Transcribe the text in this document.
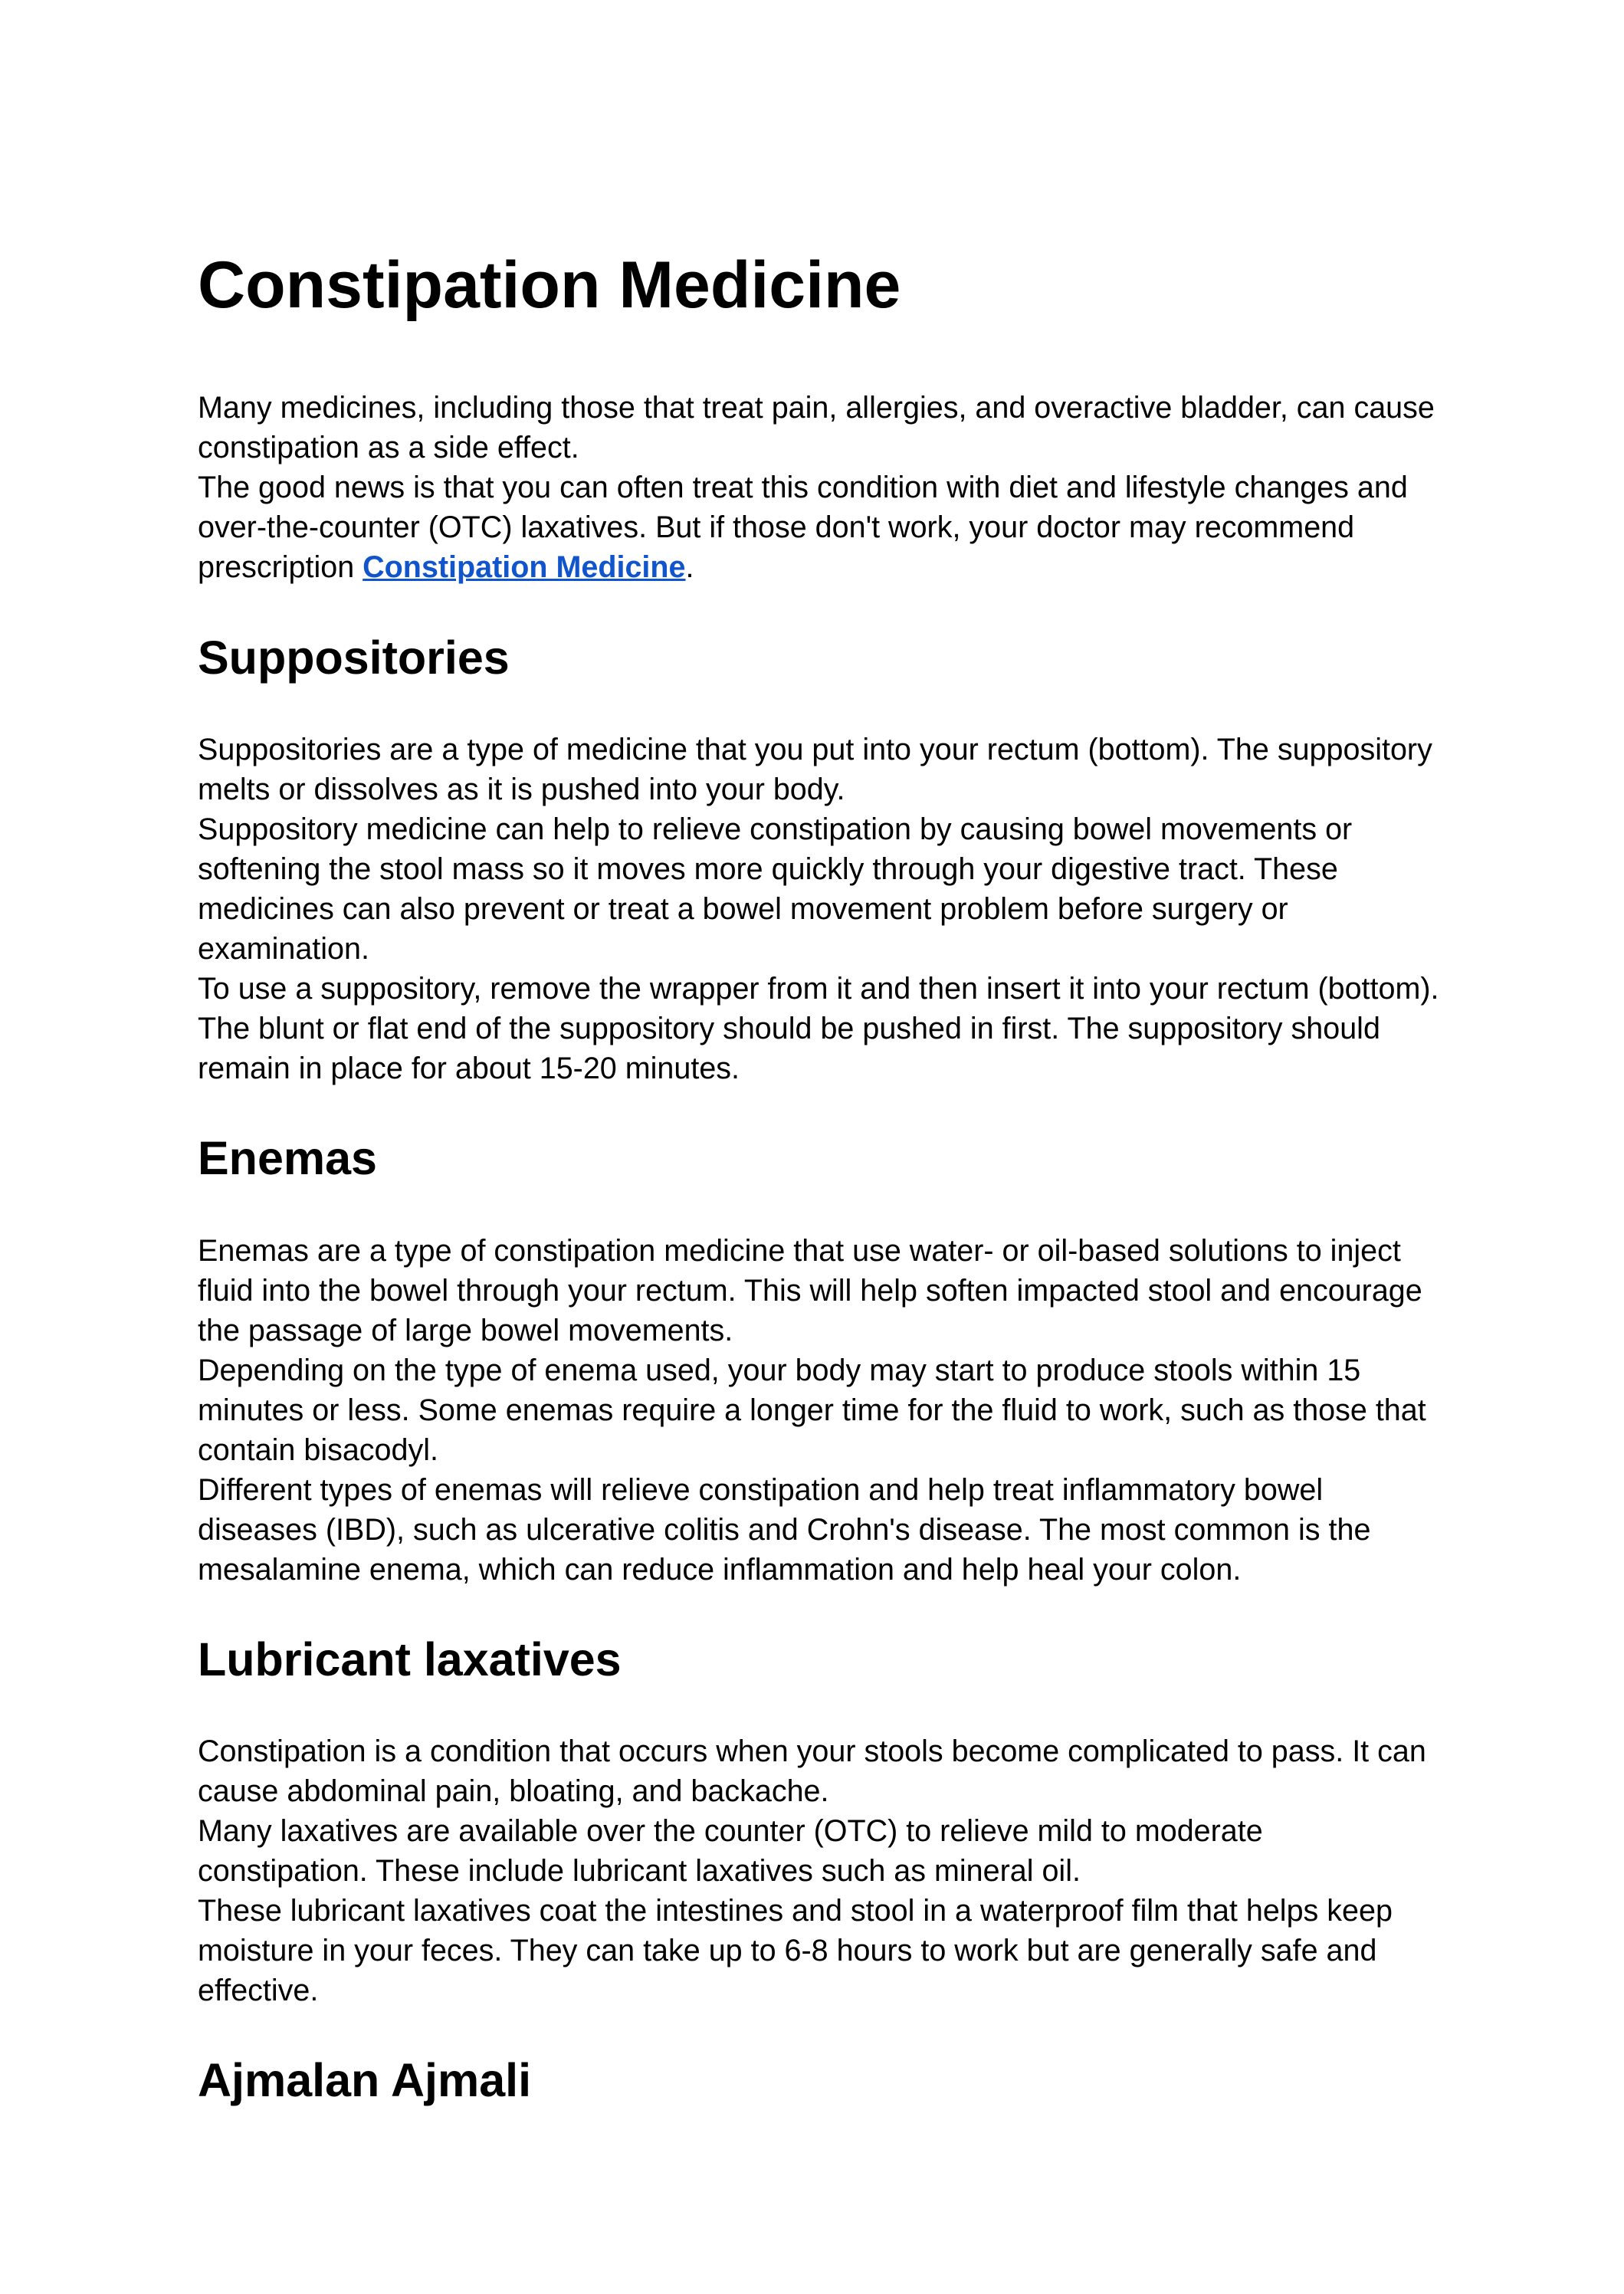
Constipation Medicine

Many medicines, including those that treat pain, allergies, and overactive bladder, can cause constipation as a side effect.

The good news is that you can often treat this condition with diet and lifestyle changes and over-the-counter (OTC) laxatives. But if those don't work, your doctor may recommend prescription Constipation Medicine.

Suppositories

Suppositories are a type of medicine that you put into your rectum (bottom). The suppository melts or dissolves as it is pushed into your body.

Suppository medicine can help to relieve constipation by causing bowel movements or softening the stool mass so it moves more quickly through your digestive tract. These medicines can also prevent or treat a bowel movement problem before surgery or examination.

To use a suppository, remove the wrapper from it and then insert it into your rectum (bottom). The blunt or flat end of the suppository should be pushed in first. The suppository should remain in place for about 15-20 minutes.

Enemas

Enemas are a type of constipation medicine that use water- or oil-based solutions to inject fluid into the bowel through your rectum. This will help soften impacted stool and encourage the passage of large bowel movements.

Depending on the type of enema used, your body may start to produce stools within 15 minutes or less. Some enemas require a longer time for the fluid to work, such as those that contain bisacodyl.

Different types of enemas will relieve constipation and help treat inflammatory bowel diseases (IBD), such as ulcerative colitis and Crohn's disease. The most common is the mesalamine enema, which can reduce inflammation and help heal your colon.

Lubricant laxatives

Constipation is a condition that occurs when your stools become complicated to pass. It can cause abdominal pain, bloating, and backache.

Many laxatives are available over the counter (OTC) to relieve mild to moderate constipation. These include lubricant laxatives such as mineral oil.

These lubricant laxatives coat the intestines and stool in a waterproof film that helps keep moisture in your feces. They can take up to 6-8 hours to work but are generally safe and effective.

Ajmalan Ajmali
